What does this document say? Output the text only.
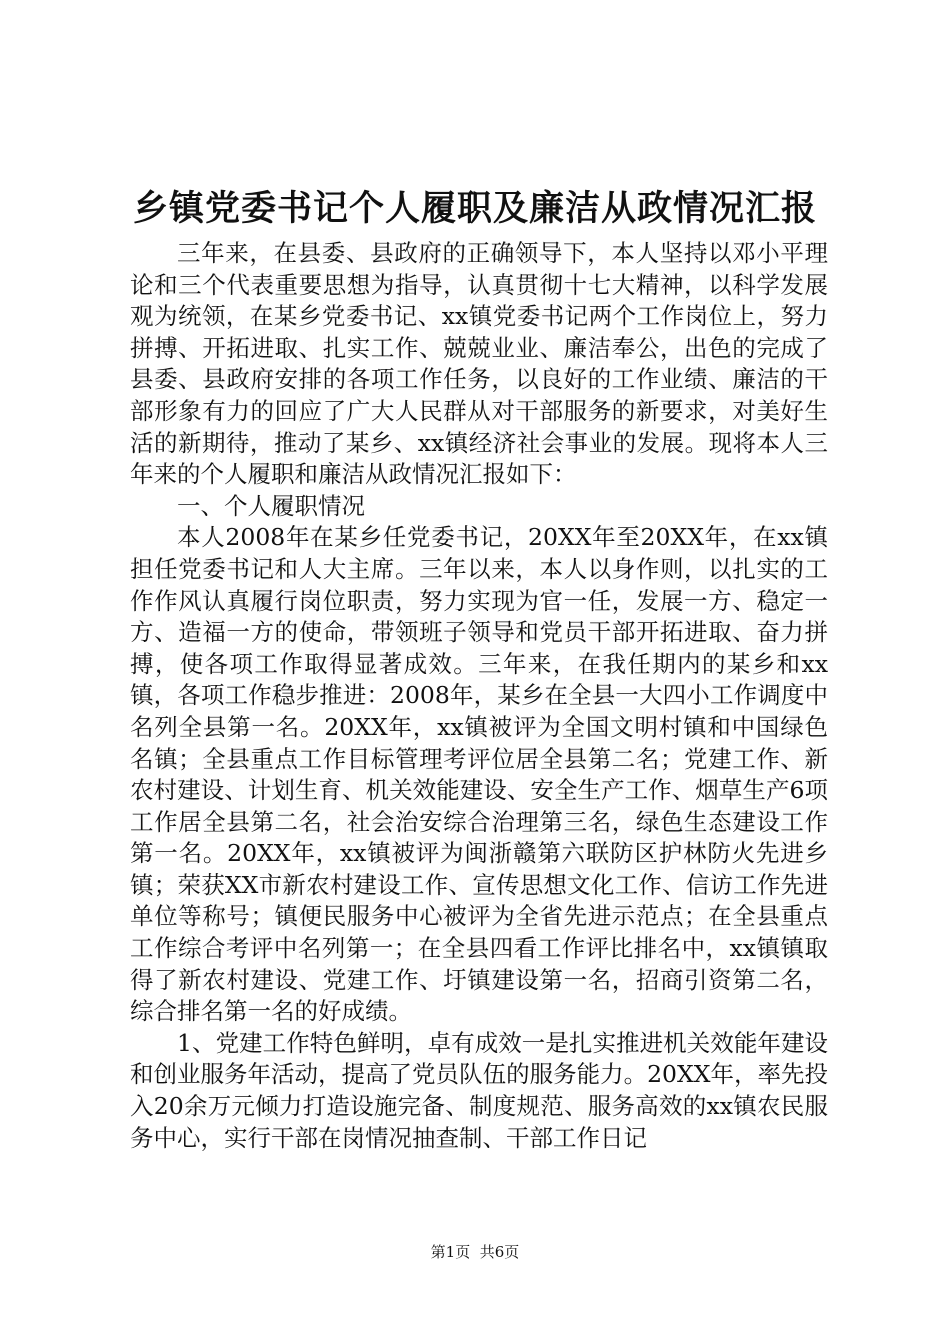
乡镇党委书记个人履职及廉洁从政情况汇报

三年来，在县委、县政府的正确领导下，本人坚持以邓小平理论和三个代表重要思想为指导，认真贯彻十七大精神，以科学发展观为统领，在某乡党委书记、xx镇党委书记两个工作岗位上，努力拼搏、开拓进取、扎实工作、兢兢业业、廉洁奉公，出色的完成了县委、县政府安排的各项工作任务，以良好的工作业绩、廉洁的干部形象有力的回应了广大人民群从对干部服务的新要求，对美好生活的新期待，推动了某乡、xx镇经济社会事业的发展。现将本人三年来的个人履职和廉洁从政情况汇报如下：

一、个人履职情况

本人2008年在某乡任党委书记，20XX年至20XX年，在xx镇担任党委书记和人大主席。三年以来，本人以身作则，以扎实的工作作风认真履行岗位职责，努力实现为官一任，发展一方、稳定一方、造福一方的使命，带领班子领导和党员干部开拓进取、奋力拼搏，使各项工作取得显著成效。三年来，在我任期内的某乡和xx镇，各项工作稳步推进：2008年，某乡在全县一大四小工作调度中名列全县第一名。20XX年，xx镇被评为全国文明村镇和中国绿色名镇；全县重点工作目标管理考评位居全县第二名；党建工作、新农村建设、计划生育、机关效能建设、安全生产工作、烟草生产6项工作居全县第二名，社会治安综合治理第三名，绿色生态建设工作第一名。20XX年，xx镇被评为闽浙赣第六联防区护林防火先进乡镇；荣获XX市新农村建设工作、宣传思想文化工作、信访工作先进单位等称号；镇便民服务中心被评为全省先进示范点；在全县重点工作综合考评中名列第一；在全县四看工作评比排名中，xx镇镇取得了新农村建设、党建工作、圩镇建设第一名，招商引资第二名，综合排名第一名的好成绩。

1、党建工作特色鲜明，卓有成效一是扎实推进机关效能年建设和创业服务年活动，提高了党员队伍的服务能力。20XX年，率先投入20余万元倾力打造设施完备、制度规范、服务高效的xx镇农民服务中心，实行干部在岗情况抽查制、干部工作日记

第1页 共6页
